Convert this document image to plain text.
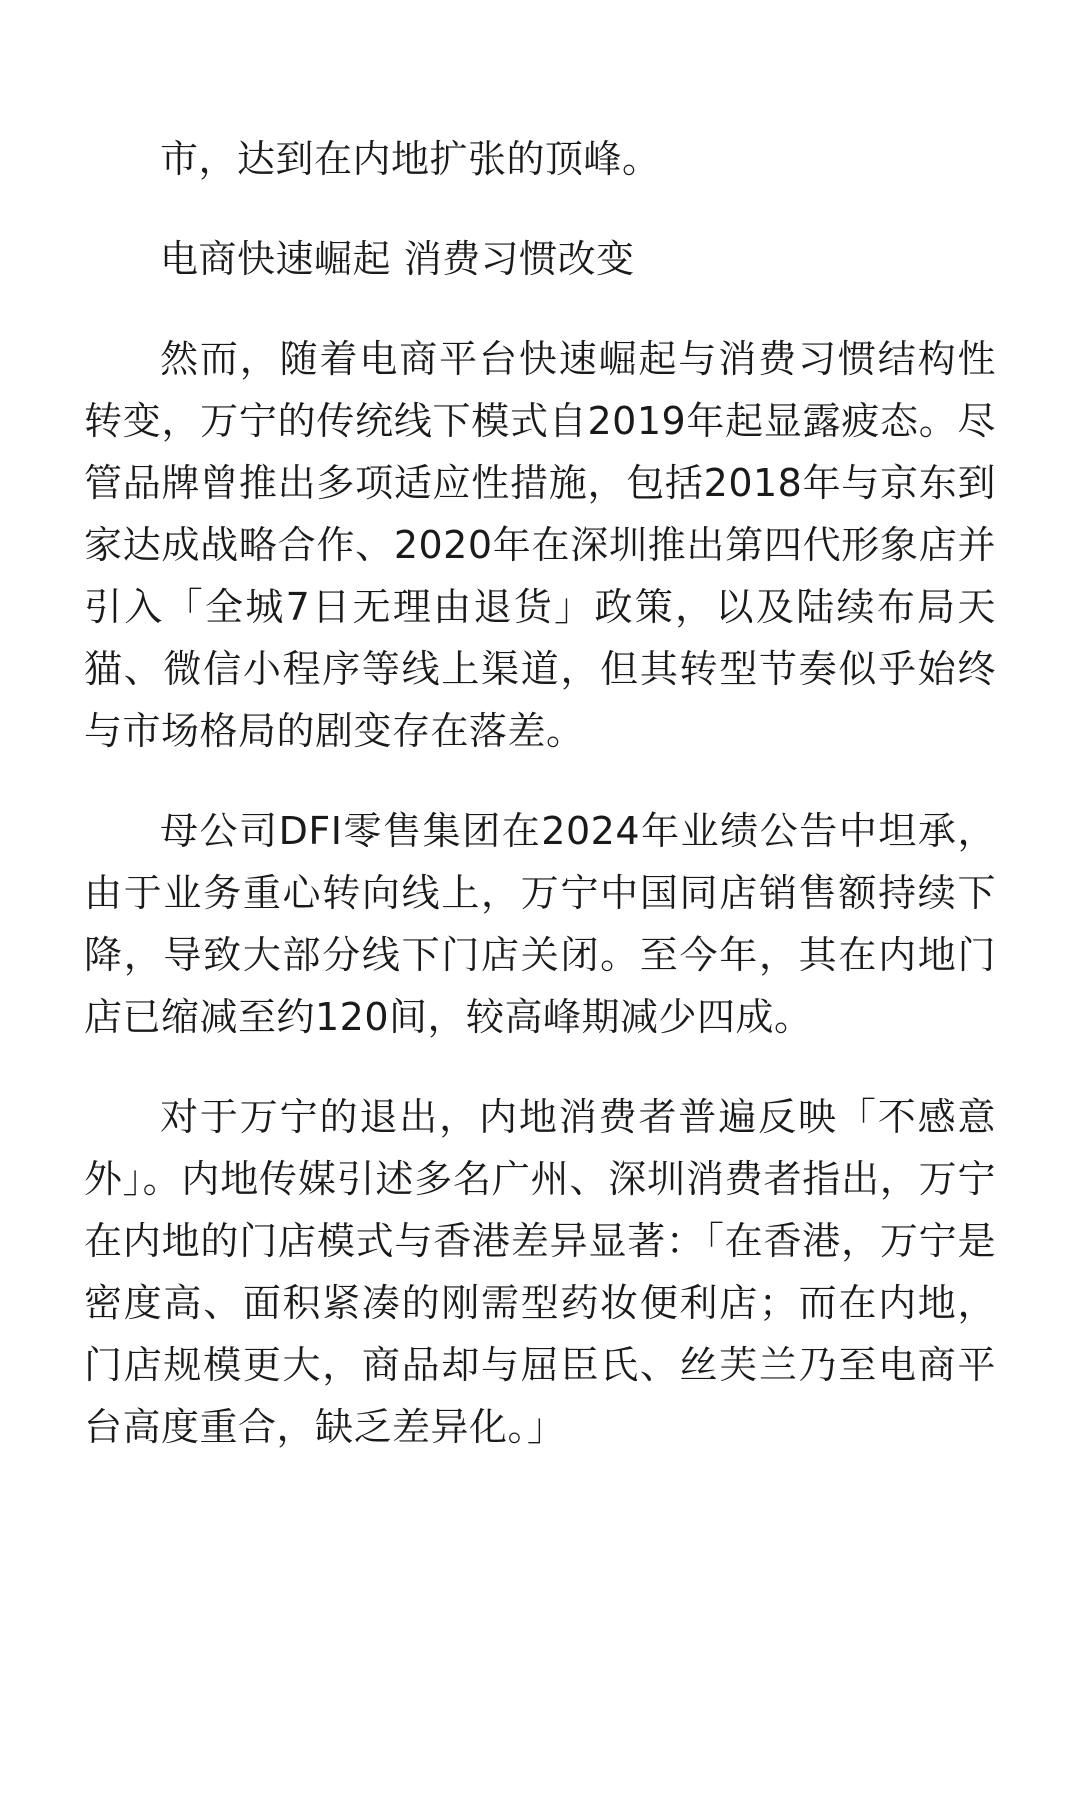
市，达到在内地扩张的顶峰。

电商快速崛起 消费习惯改变

然而，随着电商平台快速崛起与消费习惯结构性转变，万宁的传统线下模式自2019年起显露疲态。尽管品牌曾推出多项适应性措施，包括2018年与京东到家达成战略合作、2020年在深圳推出第四代形象店并引入「全城7日无理由退货」政策，以及陆续布局天猫、微信小程序等线上渠道，但其转型节奏似乎始终与市场格局的剧变存在落差。

母公司DFI零售集团在2024年业绩公告中坦承，由于业务重心转向线上，万宁中国同店销售额持续下降，导致大部分线下门店关闭。至今年，其在内地门店已缩减至约120间，较高峰期减少四成。

对于万宁的退出，内地消费者普遍反映「不感意外」。内地传媒引述多名广州、深圳消费者指出，万宁在内地的门店模式与香港差异显著：「在香港，万宁是密度高、面积紧凑的刚需型药妆便利店；而在内地，门店规模更大，商品却与屈臣氏、丝芙兰乃至电商平台高度重合，缺乏差异化。」
